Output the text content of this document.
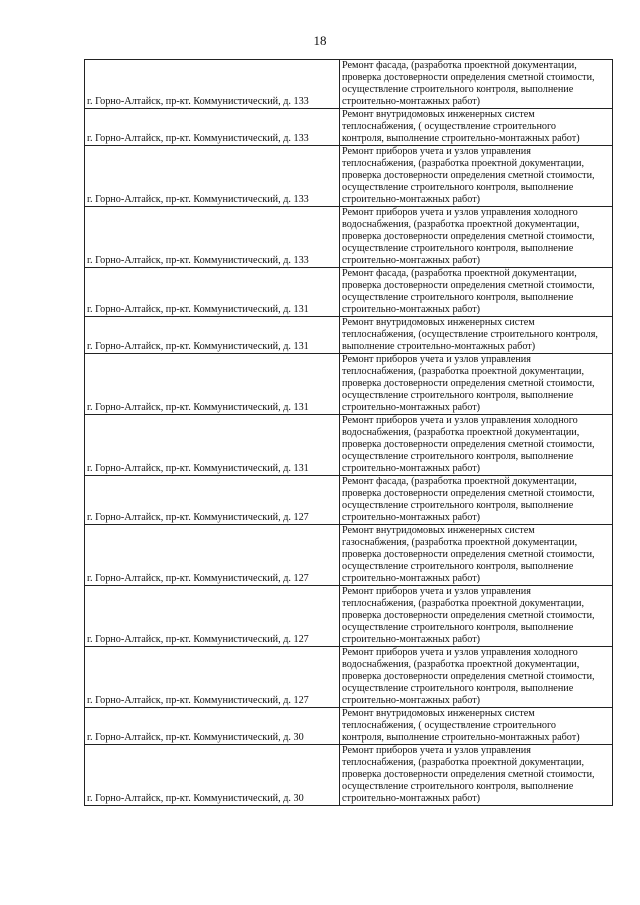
18
г. Горно-Алтайск, пр-кт. Коммунистический, д. 133	Ремонт фасада, (разработка проектной документации,
проверка достоверности определения сметной стоимости,
осуществление строительного контроля, выполнение
строительно-монтажных работ)

г. Горно-Алтайск, пр-кт. Коммунистический, д. 133	Ремонт внутридомовых инженерных систем
теплоснабжения, ( осуществление строительного
контроля, выполнение строительно-монтажных работ)

г. Горно-Алтайск, пр-кт. Коммунистический, д. 133	Ремонт приборов учета и узлов управления
теплоснабжения, (разработка проектной документации,
проверка достоверности определения сметной стоимости,
осуществление строительного контроля, выполнение
строительно-монтажных работ)

г. Горно-Алтайск, пр-кт. Коммунистический, д. 133	Ремонт приборов учета и узлов управления холодного
водоснабжения, (разработка проектной документации,
проверка достоверности определения сметной стоимости,
осуществление строительного контроля, выполнение
строительно-монтажных работ)

г. Горно-Алтайск, пр-кт. Коммунистический, д. 131	Ремонт фасада, (разработка проектной документации,
проверка достоверности определения сметной стоимости,
осуществление строительного контроля, выполнение
строительно-монтажных работ)

г. Горно-Алтайск, пр-кт. Коммунистический, д. 131	Ремонт внутридомовых инженерных систем
теплоснабжения, (осуществление строительного контроля,
выполнение строительно-монтажных работ)

г. Горно-Алтайск, пр-кт. Коммунистический, д. 131	Ремонт приборов учета и узлов управления
теплоснабжения, (разработка проектной документации,
проверка достоверности определения сметной стоимости,
осуществление строительного контроля, выполнение
строительно-монтажных работ)

г. Горно-Алтайск, пр-кт. Коммунистический, д. 131	Ремонт приборов учета и узлов управления холодного
водоснабжения, (разработка проектной документации,
проверка достоверности определения сметной стоимости,
осуществление строительного контроля, выполнение
строительно-монтажных работ)

г. Горно-Алтайск, пр-кт. Коммунистический, д. 127	Ремонт фасада, (разработка проектной документации,
проверка достоверности определения сметной стоимости,
осуществление строительного контроля, выполнение
строительно-монтажных работ)

г. Горно-Алтайск, пр-кт. Коммунистический, д. 127	Ремонт внутридомовых инженерных систем
газоснабжения, (разработка проектной документации,
проверка достоверности определения сметной стоимости,
осуществление строительного контроля, выполнение
строительно-монтажных работ)

г. Горно-Алтайск, пр-кт. Коммунистический, д. 127	Ремонт приборов учета и узлов управления
теплоснабжения, (разработка проектной документации,
проверка достоверности определения сметной стоимости,
осуществление строительного контроля, выполнение
строительно-монтажных работ)

г. Горно-Алтайск, пр-кт. Коммунистический, д. 127	Ремонт приборов учета и узлов управления холодного
водоснабжения, (разработка проектной документации,
проверка достоверности определения сметной стоимости,
осуществление строительного контроля, выполнение
строительно-монтажных работ)

г. Горно-Алтайск, пр-кт. Коммунистический, д. 30	Ремонт внутридомовых инженерных систем
теплоснабжения, ( осуществление строительного
контроля, выполнение строительно-монтажных работ)

г. Горно-Алтайск, пр-кт. Коммунистический, д. 30	Ремонт приборов учета и узлов управления
теплоснабжения, (разработка проектной документации,
проверка достоверности определения сметной стоимости,
осуществление строительного контроля, выполнение
строительно-монтажных работ)
